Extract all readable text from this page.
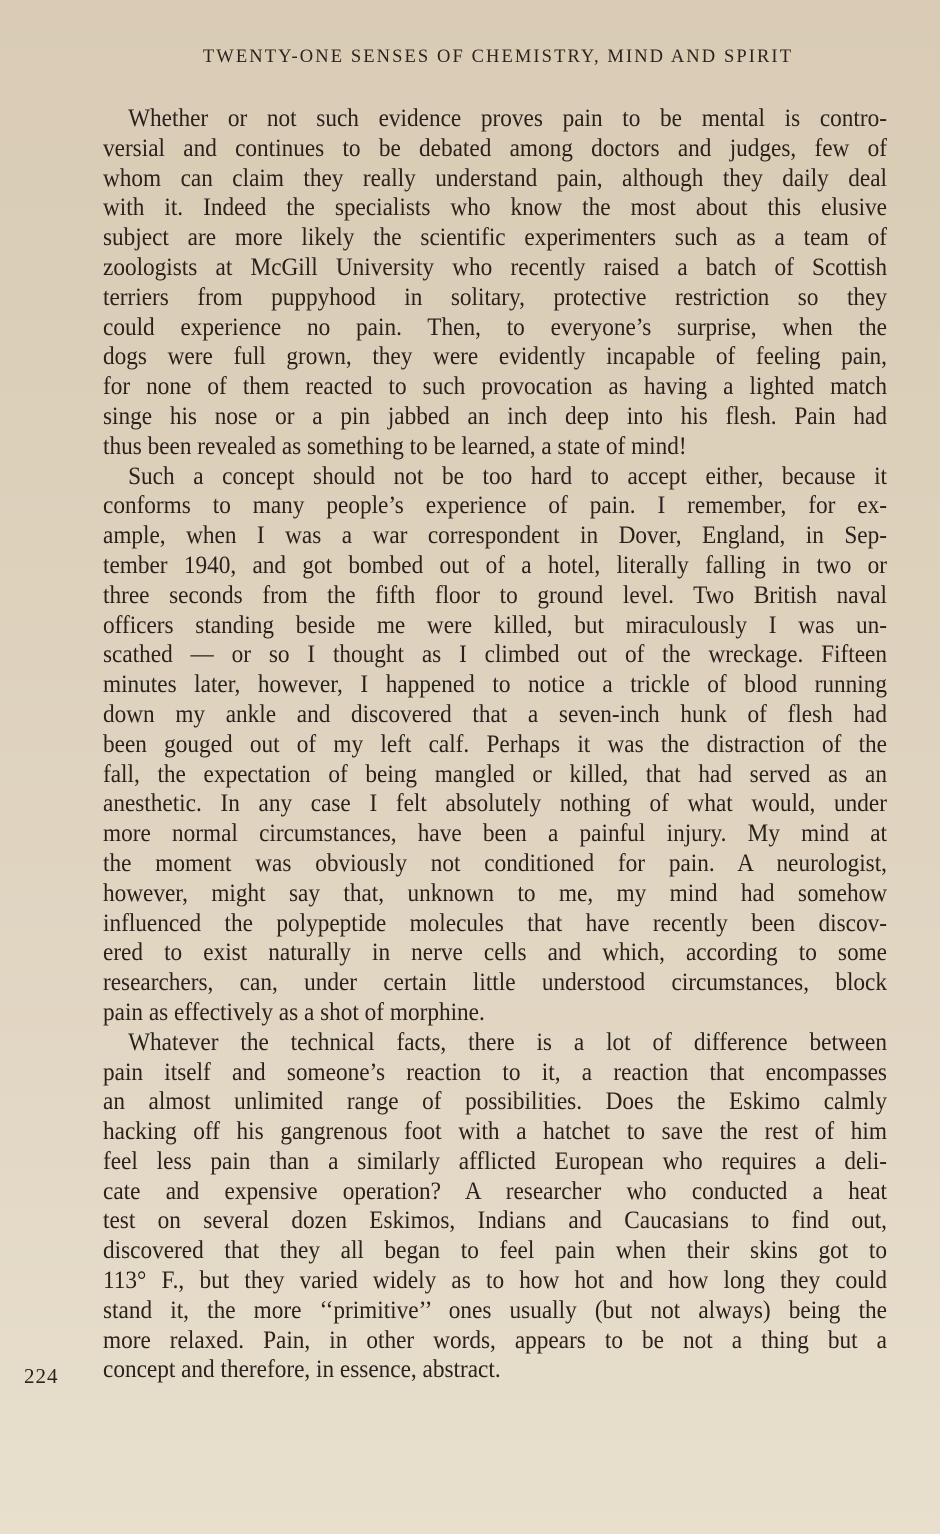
TWENTY-ONE SENSES OF CHEMISTRY, MIND AND SPIRIT
Whether or not such evidence proves pain to be mental is contro-
versial and continues to be debated among doctors and judges, few of
whom can claim they really understand pain, although they daily deal
with it. Indeed the specialists who know the most about this elusive
subject are more likely the scientific experimenters such as a team of
zoologists at McGill University who recently raised a batch of Scottish
terriers from puppyhood in solitary, protective restriction so they
could experience no pain. Then, to everyone’s surprise, when the
dogs were full grown, they were evidently incapable of feeling pain,
for none of them reacted to such provocation as having a lighted match
singe his nose or a pin jabbed an inch deep into his flesh. Pain had
thus been revealed as something to be learned, a state of mind!
Such a concept should not be too hard to accept either, because it
conforms to many people’s experience of pain. I remember, for ex-
ample, when I was a war correspondent in Dover, England, in Sep-
tember 1940, and got bombed out of a hotel, literally falling in two or
three seconds from the fifth floor to ground level. Two British naval
officers standing beside me were killed, but miraculously I was un-
scathed — or so I thought as I climbed out of the wreckage. Fifteen
minutes later, however, I happened to notice a trickle of blood running
down my ankle and discovered that a seven-inch hunk of flesh had
been gouged out of my left calf. Perhaps it was the distraction of the
fall, the expectation of being mangled or killed, that had served as an
anesthetic. In any case I felt absolutely nothing of what would, under
more normal circumstances, have been a painful injury. My mind at
the moment was obviously not conditioned for pain. A neurologist,
however, might say that, unknown to me, my mind had somehow
influenced the polypeptide molecules that have recently been discov-
ered to exist naturally in nerve cells and which, according to some
researchers, can, under certain little understood circumstances, block
pain as effectively as a shot of morphine.
Whatever the technical facts, there is a lot of difference between
pain itself and someone’s reaction to it, a reaction that encompasses
an almost unlimited range of possibilities. Does the Eskimo calmly
hacking off his gangrenous foot with a hatchet to save the rest of him
feel less pain than a similarly afflicted European who requires a deli-
cate and expensive operation? A researcher who conducted a heat
test on several dozen Eskimos, Indians and Caucasians to find out,
discovered that they all began to feel pain when their skins got to
113° F., but they varied widely as to how hot and how long they could
stand it, the more ‘‘primitive’’ ones usually (but not always) being the
more relaxed. Pain, in other words, appears to be not a thing but a
concept and therefore, in essence, abstract.
224
